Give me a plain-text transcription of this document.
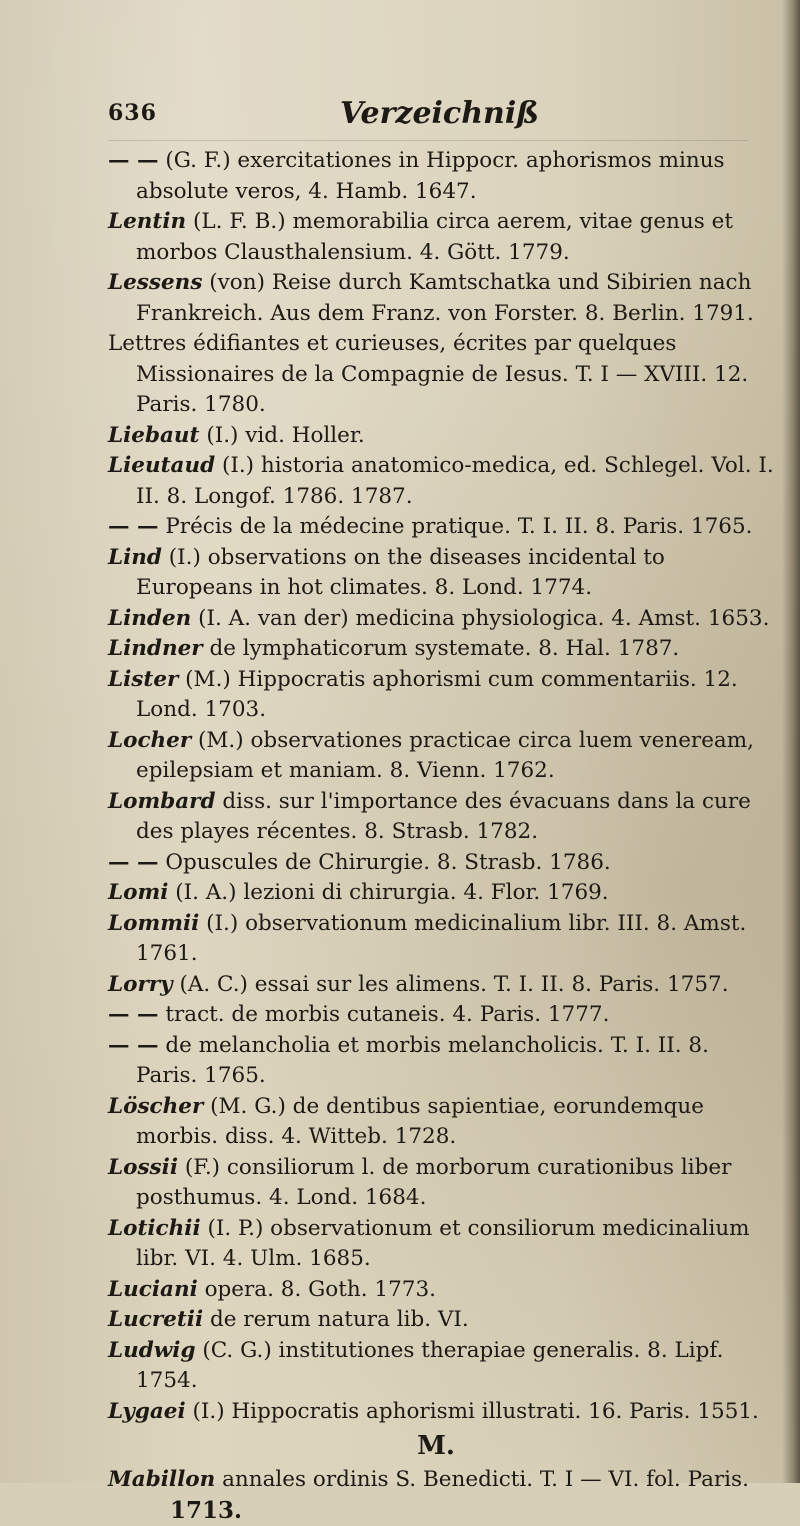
636	Verzeichniß

— — (G. F.) exercitationes in Hippocr. aphorismos minus absolute veros, 4. Hamb. 1647.

Lentin (L. F. B.) memorabilia circa aerem, vitae genus et morbos Clausthalensium. 4. Gött. 1779.

Lessens (von) Reise durch Kamtschatka und Sibirien nach Frankreich. Aus dem Franz. von Forster. 8. Berlin. 1791.

Lettres édifiantes et curieuses, écrites par quelques Missionaires de la Compagnie de Iesus. T. I — XVIII. 12. Paris. 1780.

Liebaut (I.) vid. Holler.

Lieutaud (I.) historia anatomico-medica, ed. Schlegel. Vol. I. II. 8. Longof. 1786. 1787.

— — Précis de la médecine pratique. T. I. II. 8. Paris. 1765.

Lind (I.) observations on the diseases incidental to Europeans in hot climates. 8. Lond. 1774.

Linden (I. A. van der) medicina physiologica. 4. Amst. 1653.

Lindner de lymphaticorum systemate. 8. Hal. 1787.

Lister (M.) Hippocratis aphorismi cum commentariis. 12. Lond. 1703.

Locher (M.) observationes practicae circa luem veneream, epilepsiam et maniam. 8. Vienn. 1762.

Lombard diss. sur l'importance des évacuans dans la cure des playes récentes. 8. Strasb. 1782.

— — Opuscules de Chirurgie. 8. Strasb. 1786.

Lomi (I. A.) lezioni di chirurgia. 4. Flor. 1769.

Lommii (I.) observationum medicinalium libr. III. 8. Amst. 1761.

Lorry (A. C.) essai sur les alimens. T. I. II. 8. Paris. 1757.

— — tract. de morbis cutaneis. 4. Paris. 1777.

— — de melancholia et morbis melancholicis. T. I. II. 8. Paris. 1765.

Löscher (M. G.) de dentibus sapientiae, eorundemque morbis. diss. 4. Witteb. 1728.

Lossii (F.) consiliorum l. de morborum curationibus liber posthumus. 4. Lond. 1684.

Lotichii (I. P.) observationum et consiliorum medicinalium libr. VI. 4. Ulm. 1685.

Luciani opera. 8. Goth. 1773.

Lucretii de rerum natura lib. VI.

Ludwig (C. G.) institutiones therapiae generalis. 8. Lipf. 1754.

Lygaei (I.) Hippocratis aphorismi illustrati. 16. Paris. 1551.

M.

Mabillon annales ordinis S. Benedicti. T. I — VI. fol. Paris.

1713.
